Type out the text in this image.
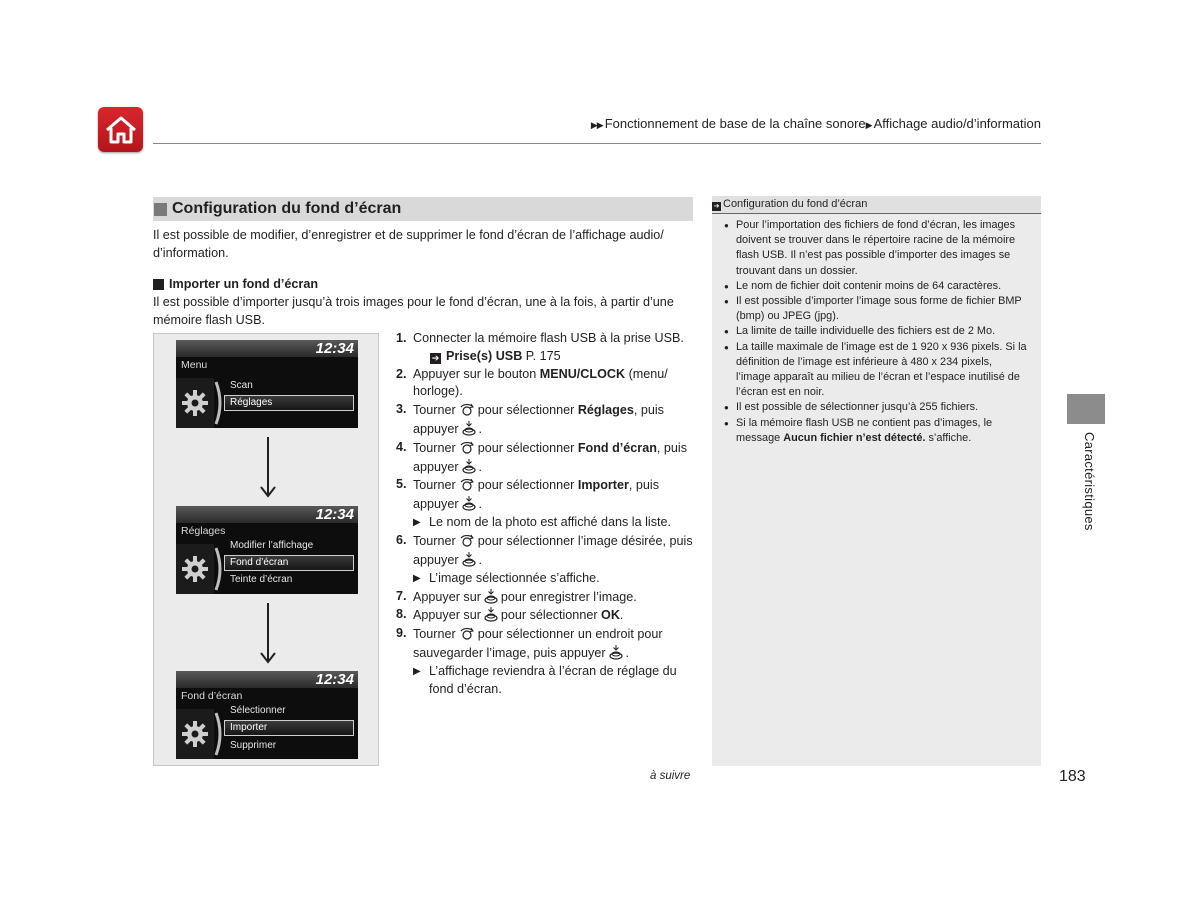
▶▶ Fonctionnement de base de la chaîne sonore▶ Affichage audio/d’information
Configuration du fond d’écran
Il est possible de modifier, d’enregistrer et de supprimer le fond d’écran de l’affichage audio/ d’information.
Importer un fond d’écran
Il est possible d’importer jusqu’à trois images pour le fond d’écran, une à la fois, à partir d’une mémoire flash USB.
12:34
Menu
Scan
Réglages
12:34
Réglages
Modifier l’affichage
Fond d’écran
Teinte d’écran
12:34
Fond d’écran
Sélectionner
Importer
Supprimer
1. Connecter la mémoire flash USB à la prise USB.
➔ Prise(s) USB P. 175
2. Appuyer sur le bouton MENU/CLOCK (menu/ horloge).
3. Tourner pour sélectionner Réglages, puis appuyer .
4. Tourner pour sélectionner Fond d’écran, puis appuyer .
5. Tourner pour sélectionner Importer, puis appuyer .
▶ Le nom de la photo est affiché dans la liste.
6. Tourner pour sélectionner l’image désirée, puis appuyer .
▶ L’image sélectionnée s’affiche.
7. Appuyer sur pour enregistrer l’image.
8. Appuyer sur pour sélectionner OK.
9. Tourner pour sélectionner un endroit pour sauvegarder l’image, puis appuyer .
▶ L’affichage reviendra à l’écran de réglage du fond d’écran.
➔ Configuration du fond d’écran
● Pour l’importation des fichiers de fond d’écran, les images doivent se trouver dans le répertoire racine de la mémoire flash USB. Il n’est pas possible d’importer des images se trouvant dans un dossier.
● Le nom de fichier doit contenir moins de 64 caractères.
● Il est possible d’importer l’image sous forme de fichier BMP (bmp) ou JPEG (jpg).
● La limite de taille individuelle des fichiers est de 2 Mo.
● La taille maximale de l’image est de 1 920 x 936 pixels. Si la définition de l’image est inférieure à 480 x 234 pixels, l’image apparaît au milieu de l’écran et l’espace inutilisé de l’écran est en noir.
● Il est possible de sélectionner jusqu’à 255 fichiers.
● Si la mémoire flash USB ne contient pas d’images, le message Aucun fichier n’est détecté. s’affiche.	Caractéristiques
à suivre	183
